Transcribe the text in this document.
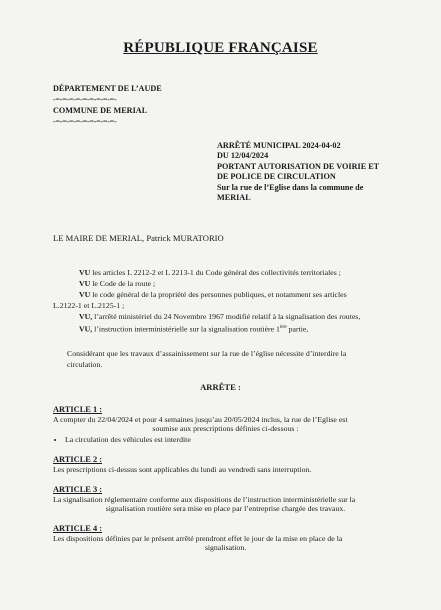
RÉPUBLIQUE FRANÇAISE
DÉPARTEMENT DE L’AUDE
-=-=-=-=-=-=-=-=-=-
COMMUNE DE MERIAL
-=-=-=-=-=-=-=-=-=-
ARRÊTÉ MUNICIPAL 2024-04-02
DU 12/04/2024
PORTANT AUTORISATION DE VOIRIE ET
DE POLICE DE CIRCULATION
Sur la rue de l’Eglise dans la commune de
MERIAL
LE MAIRE DE MERIAL, Patrick MURATORIO
VU les articles L 2212-2 et L 2213-1 du Code général des collectivités territoriales ;
VU le Code de la route ;
VU le code général de la propriété des personnes publiques, et notamment ses articles
L.2122-1 et L.2125-1 ;
VU, l’arrêté ministériel du 24 Novembre 1967 modifié relatif à la signalisation des routes,
VU, l’instruction interministérielle sur la signalisation routière 1ère partie,
Considérant que les travaux d’assainissement sur la rue de l’église nécessite d’interdire la
circulation.
ARRÊTE :
ARTICLE 1 :
A compter du 22/04/2024 et pour 4 semaines jusqu’au 20/05/2024 inclus, la rue de l’Eglise est
soumise aux prescriptions définies ci-dessous :
• La circulation des véhicules est interdite
ARTICLE 2 :
Les prescriptions ci-dessus sont applicables du lundi au vendredi sans interruption.
ARTICLE 3 :
La signalisation réglementaire conforme aux dispositions de l’instruction interministérielle sur la
signalisation routière sera mise en place par l’entreprise chargée des travaux.
ARTICLE 4 :
Les dispositions définies par le présent arrêté prendront effet le jour de la mise en place de la
signalisation.
